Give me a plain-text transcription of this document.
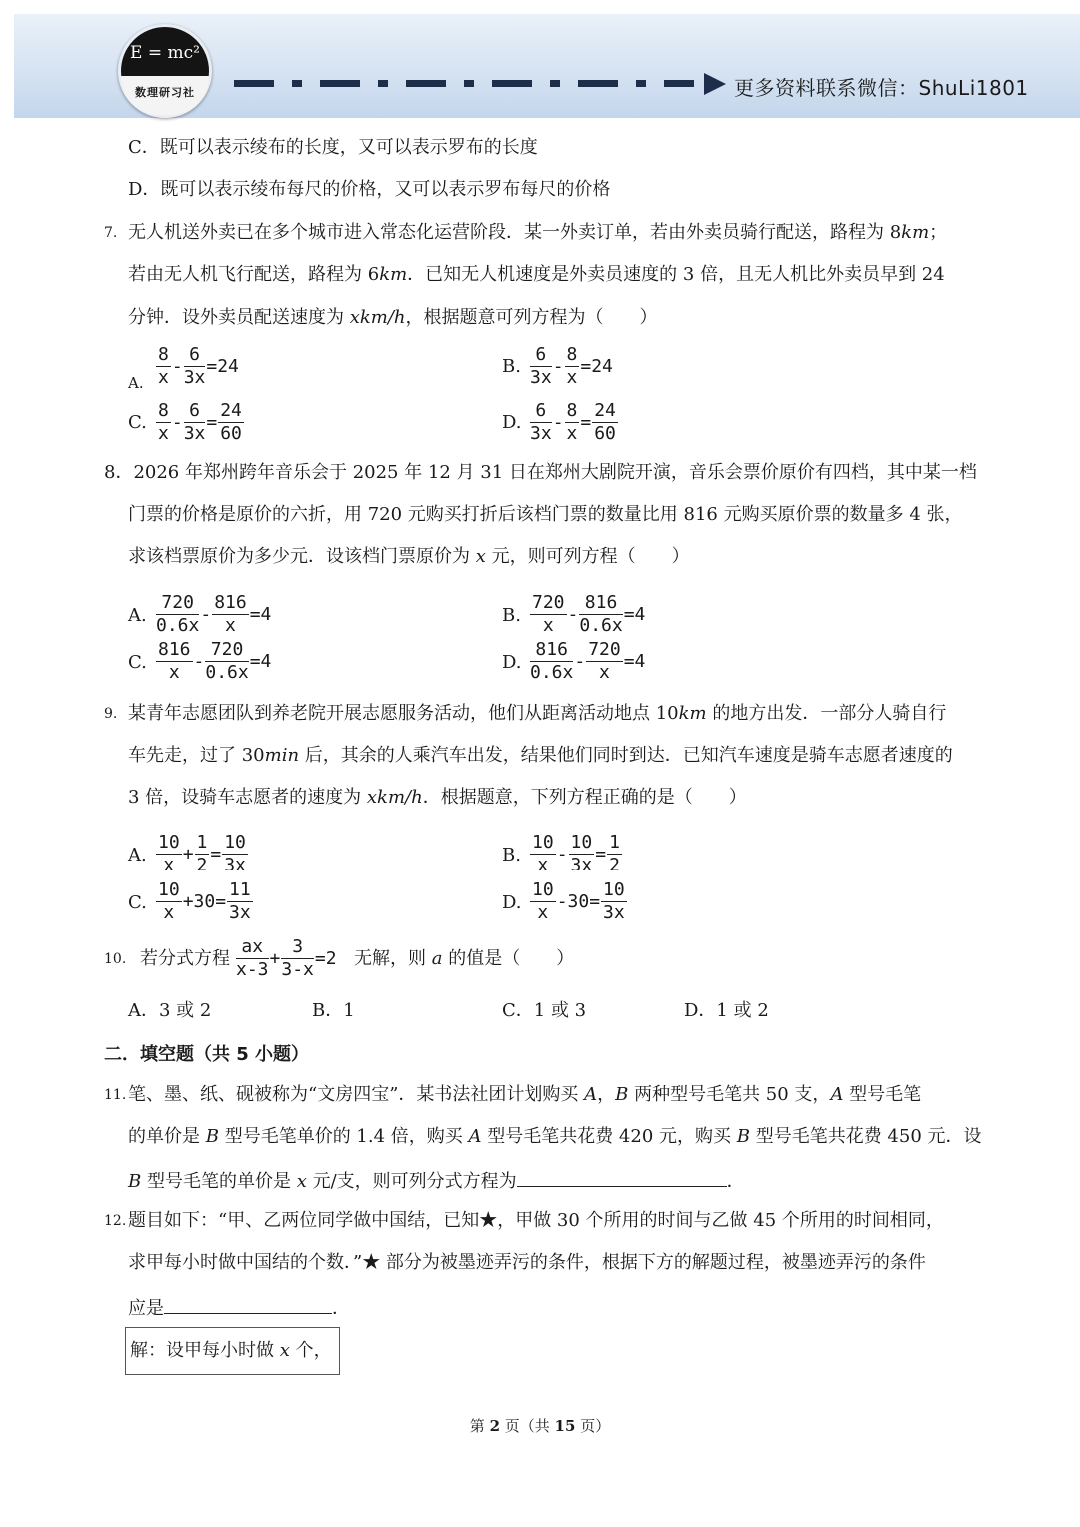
E = mc²
数理研习社	更多资料联系微信：ShuLi1801
C．既可以表示绫布的长度，又可以表示罗布的长度
D．既可以表示绫布每尺的价格，又可以表示罗布每尺的价格
7. 无人机送外卖已在多个城市进入常态化运营阶段．某一外卖订单，若由外卖员骑行配送，路程为 8km；
若由无人机飞行配送，路程为 6km．已知无人机速度是外卖员速度的 3 倍，且无人机比外卖员早到 24
分钟．设外卖员配送速度为 xkm/h，根据题意可列方程为（　　）
A. $\frac{8}{x} - \frac{6}{3x} =24$	B. $\frac{6}{3x} - \frac{8}{x} =24$
C. $\frac{8}{x} - \frac{6}{3x} = \frac{24}{60}$	D. $\frac{6}{3x} - \frac{8}{x} = \frac{24}{60}$
8．2026 年郑州跨年音乐会于 2025 年 12 月 31 日在郑州大剧院开演，音乐会票价原价有四档，其中某一档
门票的价格是原价的六折，用 720 元购买打折后该档门票的数量比用 816 元购买原价票的数量多 4 张，
求该档票原价为多少元．设该档门票原价为 x 元，则可列方程（　　）
A. $\frac{720}{0.6x} - \frac{816}{x} =4$	B. $\frac{720}{x} - \frac{816}{0.6x} =4$
C. $\frac{816}{x} - \frac{720}{0.6x} =4$	D. $\frac{816}{0.6x} - \frac{720}{x} =4$
9. 某青年志愿团队到养老院开展志愿服务活动，他们从距离活动地点 10km 的地方出发．一部分人骑自行
车先走，过了 30min 后，其余的人乘汽车出发，结果他们同时到达．已知汽车速度是骑车志愿者速度的
3 倍，设骑车志愿者的速度为 xkm/h．根据题意，下列方程正确的是（　　）
A. $\frac{10}{x} + \frac{1}{2} = \frac{10}{3x}$	B. $\frac{10}{x} - \frac{10}{3x} = \frac{1}{2}$
C. $\frac{10}{x} +30= \frac{11}{3x}$	D. $\frac{10}{x} -30= \frac{10}{3x}$
10. 若分式方程 $\frac{ax}{x-3} + \frac{3}{3-x} =2$ 无解，则 a 的值是（　　）
A．3 或 2	B．1	C．1 或 3	D．1 或 2
二．填空题（共 5 小题）
11. 笔、墨、纸、砚被称为“文房四宝”．某书法社团计划购买 A，B 两种型号毛笔共 50 支，A 型号毛笔
的单价是 B 型号毛笔单价的 1.4 倍，购买 A 型号毛笔共花费 420 元，购买 B 型号毛笔共花费 450 元．设
B 型号毛笔的单价是 x 元/支，则可列分式方程为	．
12. 题目如下：“甲、乙两位同学做中国结，已知★，甲做 30 个所用的时间与乙做 45 个所用的时间相同，
求甲每小时做中国结的个数．”★ 部分为被墨迹弄污的条件，根据下方的解题过程，被墨迹弄污的条件
应是	．
解：设甲每小时做 x 个，
第 2 页（共 15 页）
